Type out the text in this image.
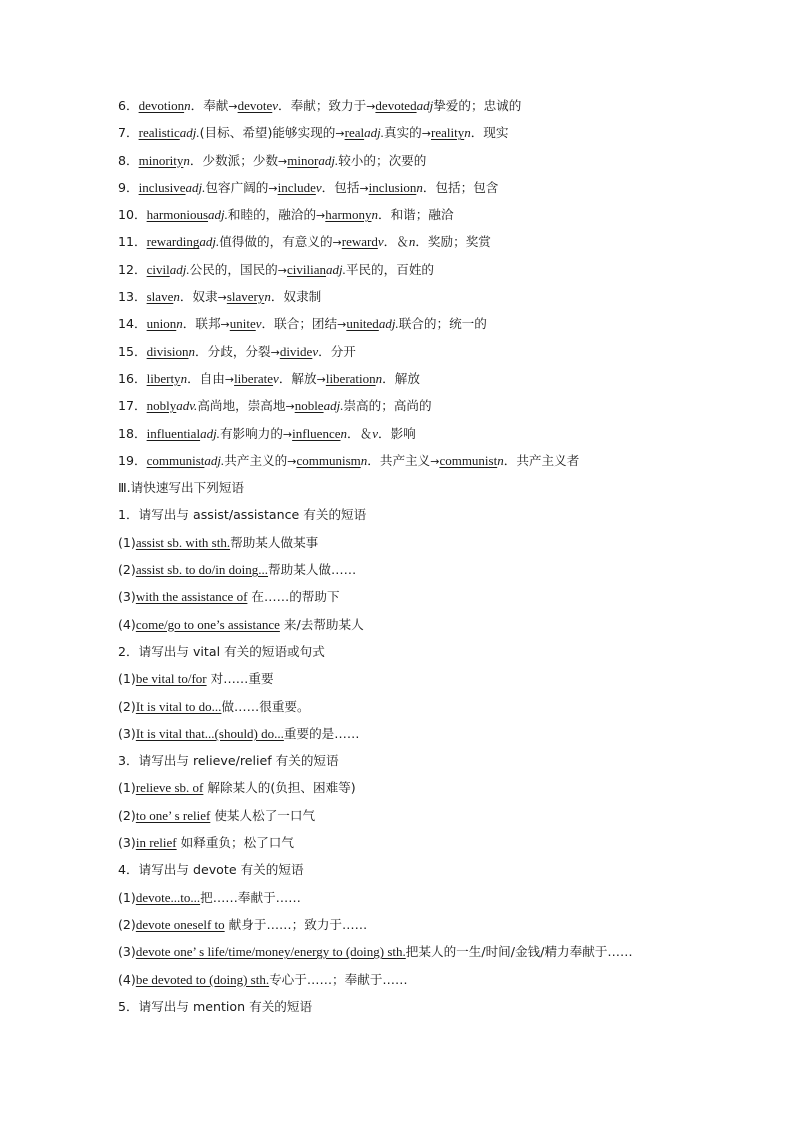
6．devotionn．奉献→devotev．奉献；致力于→devotedadj挚爱的；忠诚的
7．realisticadj.(目标、希望)能够实现的→realadj.真实的→realityn．现实
8．minorityn．少数派；少数→minoradj.较小的；次要的
9．inclusiveadj.包容广阔的→includev．包括→inclusionn．包括；包含
10．harmoniousadj.和睦的，融洽的→harmonyn．和谐；融洽
11．rewardingadj.值得做的，有意义的→rewardv．＆n．奖励；奖赏
12．civiladj.公民的，国民的→civilianadj.平民的，百姓的
13．slaven．奴隶→slaveryn．奴隶制
14．unionn．联邦→unitev．联合；团结→unitedadj.联合的；统一的
15．divisionn．分歧，分裂→dividev．分开
16．libertyn．自由→liberatev．解放→liberationn．解放
17．noblyadv.高尚地，崇高地→nobleadj.崇高的；高尚的
18．influentialadj.有影响力的→influencen．＆v．影响
19．communistadj.共产主义的→communismn．共产主义→communistn．共产主义者
Ⅲ.请快速写出下列短语
1．请写出与 assist/assistance 有关的短语
(1)assist sb. with sth.帮助某人做某事
(2)assist sb. to do/in doing...帮助某人做……
(3)with the assistance of 在……的帮助下
(4)come/go to one’s assistance 来/去帮助某人
2．请写出与 vital 有关的短语或句式
(1)be vital to/for 对……重要
(2)It is vital to do...做……很重要。
(3)It is vital that...(should) do...重要的是……
3．请写出与 relieve/relief 有关的短语
(1)relieve sb. of 解除某人的(负担、困难等)
(2)to one’ s relief 使某人松了一口气
(3)in relief 如释重负；松了口气
4．请写出与 devote 有关的短语
(1)devote...to...把……奉献于……
(2)devote oneself to 献身于……；致力于……
(3)devote one’ s life/time/money/energy to (doing) sth.把某人的一生/时间/金钱/精力奉献于……
(4)be devoted to (doing) sth.专心于……；奉献于……
5．请写出与 mention 有关的短语
